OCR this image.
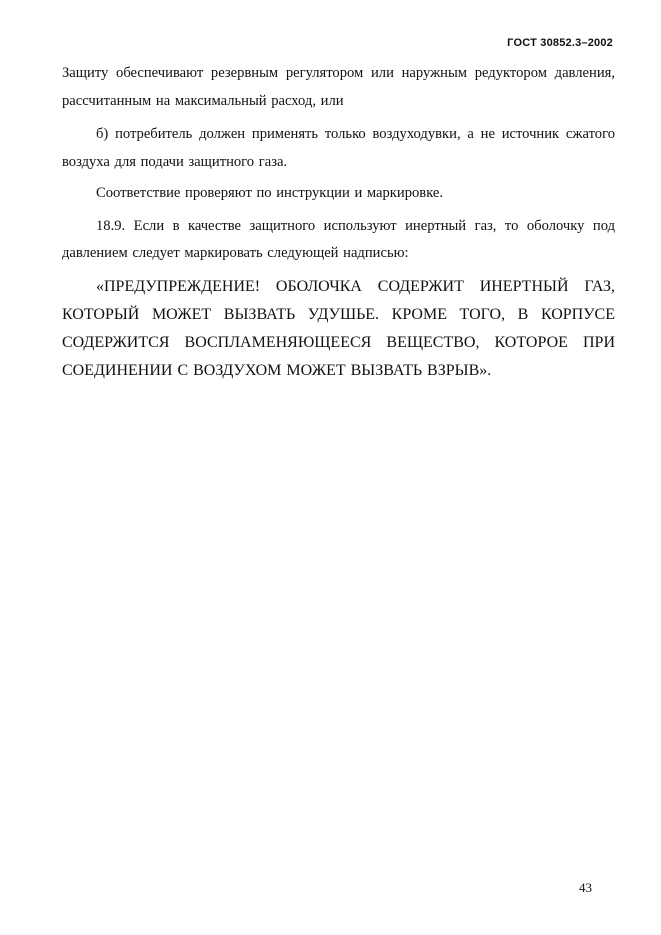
ГОСТ 30852.3–2002

Защиту обеспечивают резервным регулятором или наружным редуктором давления, рассчитанным на максимальный расход, или

б) потребитель должен применять только воздуходувки, а не источник сжатого воздуха для подачи защитного газа.

Соответствие проверяют по инструкции и маркировке.

18.9. Если в качестве защитного используют инертный газ, то оболочку под давлением следует маркировать следующей надписью:

«ПРЕДУПРЕЖДЕНИЕ! ОБОЛОЧКА СОДЕРЖИТ ИНЕРТНЫЙ ГАЗ, КОТОРЫЙ МОЖЕТ ВЫЗВАТЬ УДУШЬЕ. КРОМЕ ТОГО, В КОРПУСЕ СОДЕРЖИТСЯ ВОСПЛАМЕНЯЮЩЕЕСЯ ВЕЩЕСТВО, КОТОРОЕ ПРИ СОЕДИНЕНИИ С ВОЗДУХОМ МОЖЕТ ВЫЗВАТЬ ВЗРЫВ».

43
